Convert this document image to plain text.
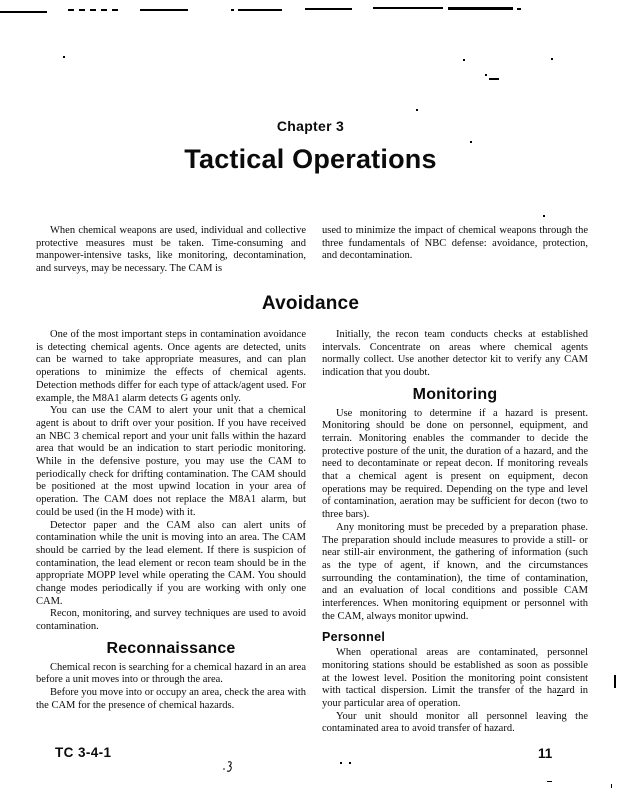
Chapter 3
Tactical Operations

When chemical weapons are used, individual and collective protective measures must be taken. Time-consuming and manpower-intensive tasks, like monitoring, decontamination, and surveys, may be necessary. The CAM is

used to minimize the impact of chemical weapons through the three fundamentals of NBC defense: avoidance, protection, and decontamination.

Avoidance

One of the most important steps in contamination avoidance is detecting chemical agents. Once agents are detected, units can be warned to take appropriate measures, and can plan operations to minimize the effects of chemical agents. Detection methods differ for each type of attack/agent used. For example, the M8A1 alarm detects G agents only.

You can use the CAM to alert your unit that a chemical agent is about to drift over your position. If you have received an NBC 3 chemical report and your unit falls within the hazard area that would be an indication to start periodic monitoring. While in the defensive posture, you may use the CAM to periodically check for drifting contamination. The CAM should be positioned at the most upwind location in your area of operation. The CAM does not replace the M8A1 alarm, but could be used (in the H mode) with it.

Detector paper and the CAM also can alert units of contamination while the unit is moving into an area. The CAM should be carried by the lead element. If there is suspicion of contamination, the lead element or recon team should be in the appropriate MOPP level while operating the CAM. You should change modes periodically if you are working with only one CAM.

Recon, monitoring, and survey techniques are used to avoid contamination.

Reconnaissance

Chemical recon is searching for a chemical hazard in an area before a unit moves into or through the area.

Before you move into or occupy an area, check the area with the CAM for the presence of chemical hazards.

Initially, the recon team conducts checks at established intervals. Concentrate on areas where chemical agents normally collect. Use another detector kit to verify any CAM indication that you doubt.

Monitoring

Use monitoring to determine if a hazard is present. Monitoring should be done on personnel, equipment, and terrain. Monitoring enables the commander to decide the protective posture of the unit, the duration of a hazard, and the need to decontaminate or repeat decon. If monitoring reveals that a chemical agent is present on equipment, decon operations may be required. Depending on the type and level of contamination, aeration may be sufficient for decon (two to three bars).

Any monitoring must be preceded by a preparation phase. The preparation should include measures to provide a still- or near still-air environment, the gathering of information (such as the type of agent, if known, and the circumstances surrounding the contamination), the time of contamination, and an evaluation of local conditions and possible CAM interferences. When monitoring equipment or personnel with the CAM, always monitor upwind.

Personnel

When operational areas are contaminated, personnel monitoring stations should be established as soon as possible at the lowest level. Position the monitoring point consistent with tactical dispersion. Limit the transfer of the hazard in your particular area of operation.

Your unit should monitor all personnel leaving the contaminated area to avoid transfer of hazard.

TC 3-4-1	11
